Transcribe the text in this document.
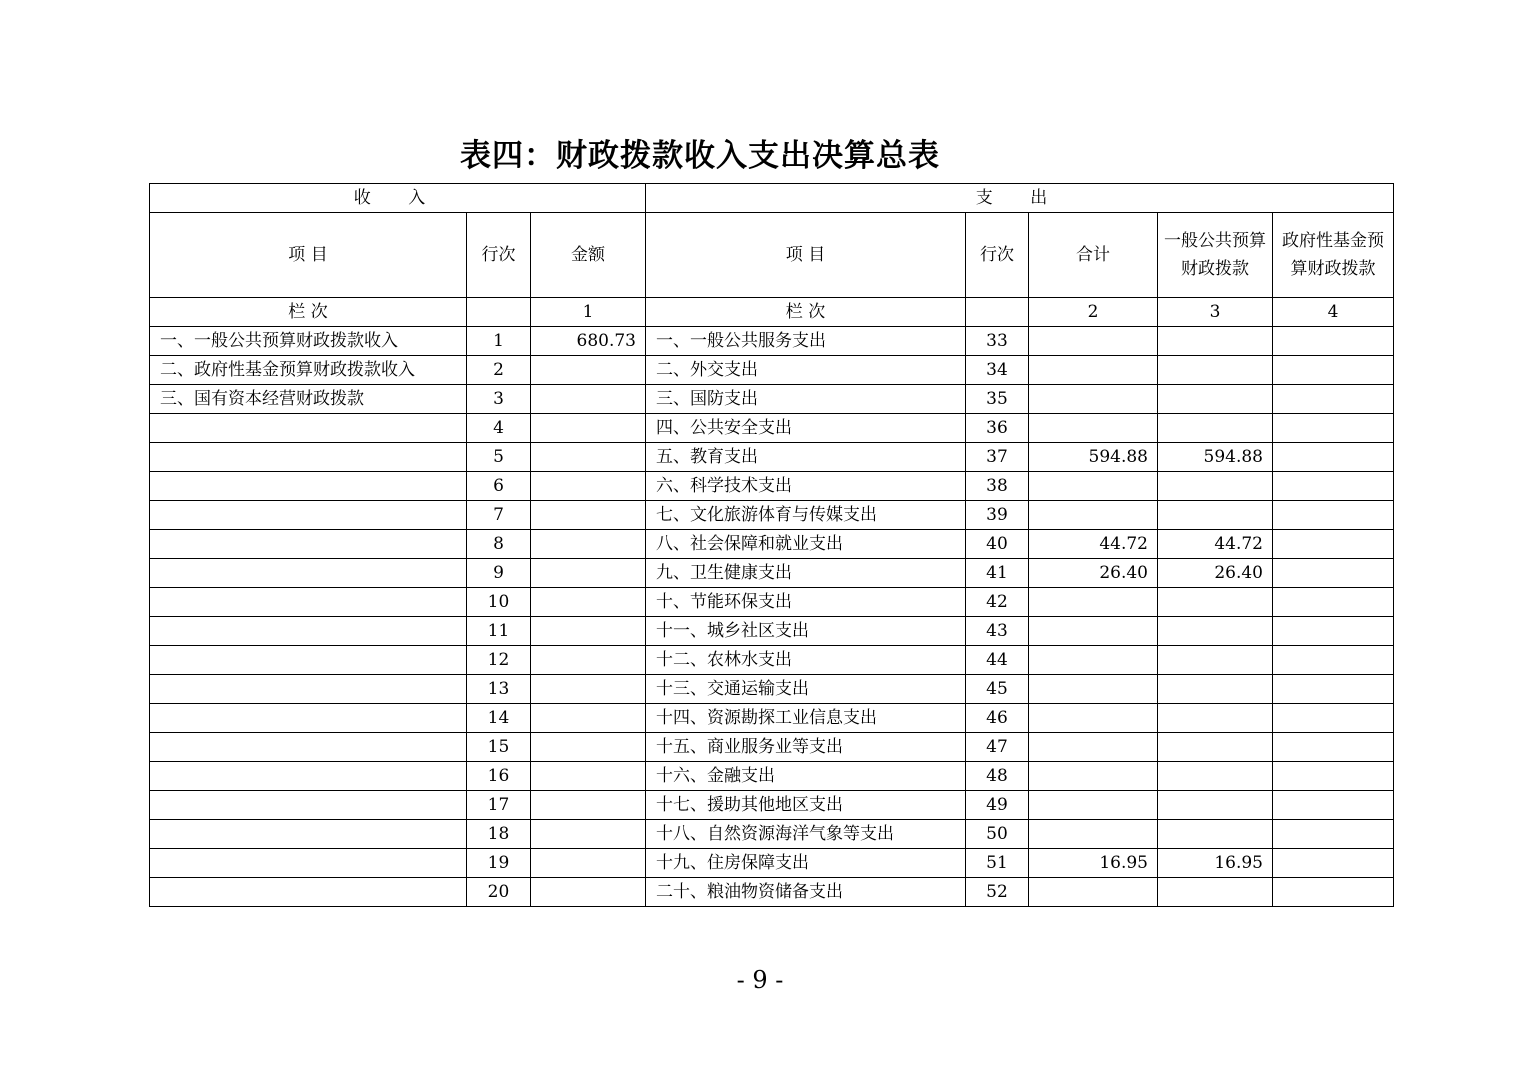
表四：财政拨款收入支出决算总表
收 入			支 出				
项 目	行次	金额	项 目	行次	合计	一般公共预算财政拨款	政府性基金预算财政拨款
栏 次		1	栏 次		2	3	4
一、一般公共预算财政拨款收入	1	680.73	一、一般公共服务支出	33			
二、政府性基金预算财政拨款收入	2		二、外交支出	34			
三、国有资本经营财政拨款	3		三、国防支出	35			
	4		四、公共安全支出	36			
	5		五、教育支出	37	594.88	594.88	
	6		六、科学技术支出	38			
	7		七、文化旅游体育与传媒支出	39			
	8		八、社会保障和就业支出	40	44.72	44.72	
	9		九、卫生健康支出	41	26.40	26.40	
	10		十、节能环保支出	42			
	11		十一、城乡社区支出	43			
	12		十二、农林水支出	44			
	13		十三、交通运输支出	45			
	14		十四、资源勘探工业信息支出	46			
	15		十五、商业服务业等支出	47			
	16		十六、金融支出	48			
	17		十七、援助其他地区支出	49			
	18		十八、自然资源海洋气象等支出	50			
	19		十九、住房保障支出	51	16.95	16.95	
	20		二十、粮油物资储备支出	52			
- 9 -
